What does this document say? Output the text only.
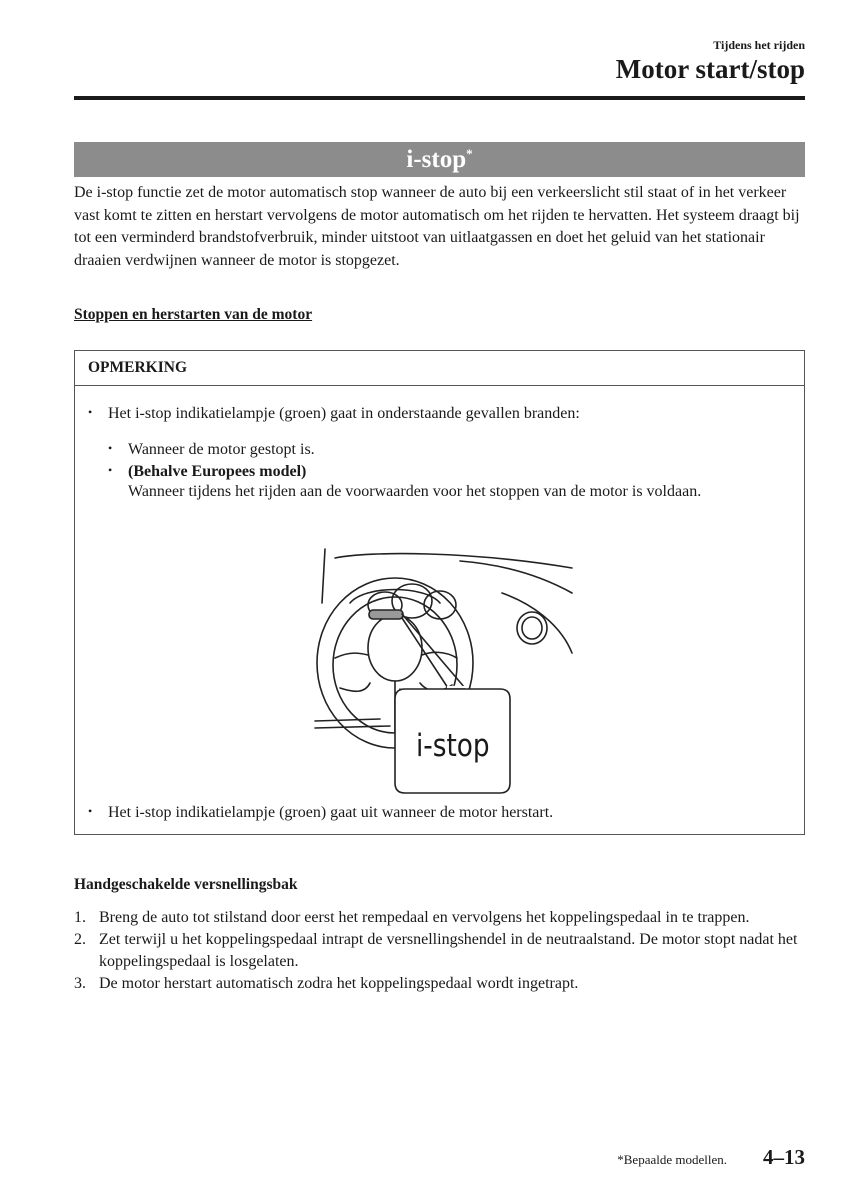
Tijdens het rijden
Motor start/stop
i-stop*
De i-stop functie zet de motor automatisch stop wanneer de auto bij een verkeerslicht stil staat of in het verkeer vast komt te zitten en herstart vervolgens de motor automatisch om het rijden te hervatten. Het systeem draagt bij tot een verminderd brandstofverbruik, minder uitstoot van uitlaatgassen en doet het geluid van het stationair draaien verdwijnen wanneer de motor is stopgezet.
Stoppen en herstarten van de motor
OPMERKING
• Het i-stop indikatielampje (groen) gaat in onderstaande gevallen branden:
• Wanneer de motor gestopt is.
• (Behalve Europees model)
Wanneer tijdens het rijden aan de voorwaarden voor het stoppen van de motor is voldaan.
i-stop
• Het i-stop indikatielampje (groen) gaat uit wanneer de motor herstart.
Handgeschakelde versnellingsbak
1. Breng de auto tot stilstand door eerst het rempedaal en vervolgens het koppelingspedaal in te trappen.
2. Zet terwijl u het koppelingspedaal intrapt de versnellingshendel in de neutraalstand. De motor stopt nadat het koppelingspedaal is losgelaten.
3. De motor herstart automatisch zodra het koppelingspedaal wordt ingetrapt.
*Bepaalde modellen. 4–13
